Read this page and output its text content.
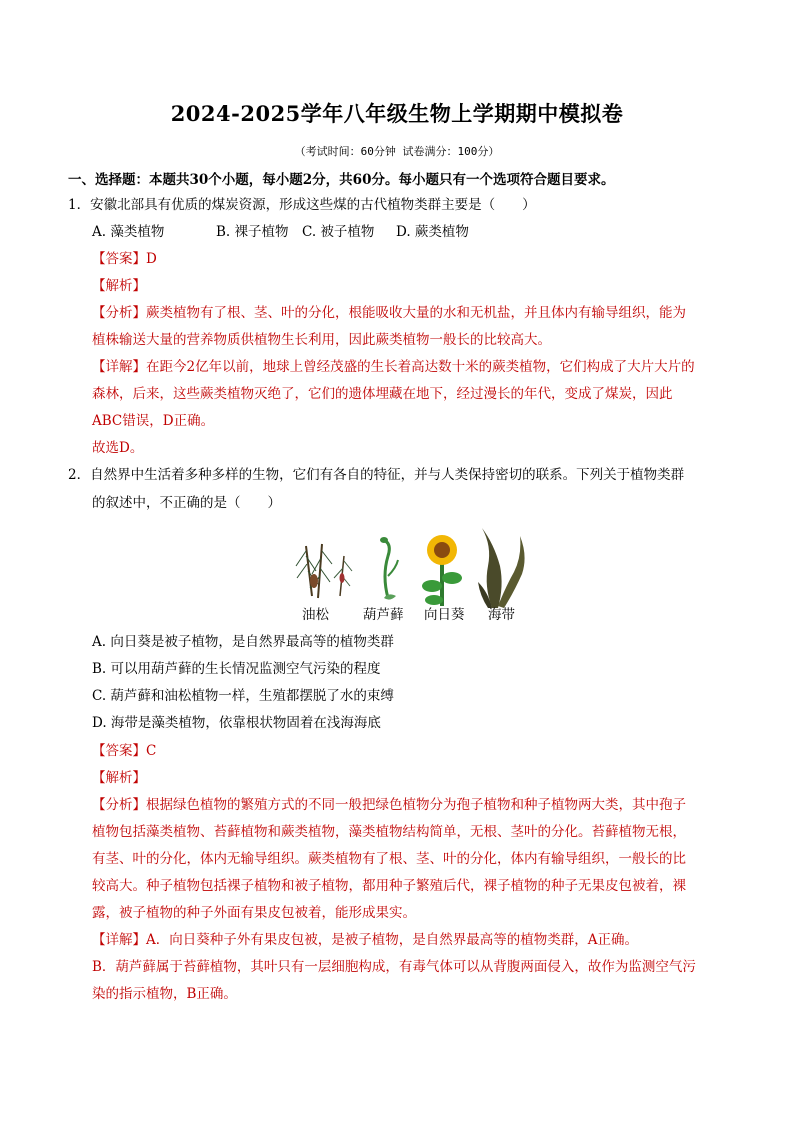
2024-2025学年八年级生物上学期期中模拟卷
（考试时间：60分钟 试卷满分：100分）
一、选择题：本题共30个小题，每小题2分，共60分。每小题只有一个选项符合题目要求。
1．安徽北部具有优质的煤炭资源，形成这些煤的古代植物类群主要是（　　）
A. 藻类植物	B. 裸子植物 C. 被子植物 D. 蕨类植物
【答案】D
【解析】
【分析】蕨类植物有了根、茎、叶的分化，根能吸收大量的水和无机盐，并且体内有输导组织，能为
植株输送大量的营养物质供植物生长利用，因此蕨类植物一般长的比较高大。
【详解】在距今2亿年以前，地球上曾经茂盛的生长着高达数十米的蕨类植物，它们构成了大片大片的
森林，后来，这些蕨类植物灭绝了，它们的遗体埋藏在地下，经过漫长的年代，变成了煤炭，因此
ABC错误，D正确。
故选D。
2．自然界中生活着多种多样的生物，它们有各自的特征，并与人类保持密切的联系。下列关于植物类群
的叙述中，不正确的是（　　）
油松	葫芦藓 向日葵 海带
A. 向日葵是被子植物，是自然界最高等的植物类群
B. 可以用葫芦藓的生长情况监测空气污染的程度
C. 葫芦藓和油松植物一样，生殖都摆脱了水的束缚
D. 海带是藻类植物，依靠根状物固着在浅海海底
【答案】C
【解析】
【分析】根据绿色植物的繁殖方式的不同一般把绿色植物分为孢子植物和种子植物两大类，其中孢子
植物包括藻类植物、苔藓植物和蕨类植物，藻类植物结构简单，无根、茎叶的分化。苔藓植物无根，
有茎、叶的分化，体内无输导组织。蕨类植物有了根、茎、叶的分化，体内有输导组织，一般长的比
较高大。种子植物包括裸子植物和被子植物，都用种子繁殖后代，裸子植物的种子无果皮包被着，裸
露，被子植物的种子外面有果皮包被着，能形成果实。
【详解】A．向日葵种子外有果皮包被，是被子植物，是自然界最高等的植物类群，A正确。
B．葫芦藓属于苔藓植物，其叶只有一层细胞构成，有毒气体可以从背腹两面侵入，故作为监测空气污
染的指示植物，B正确。
